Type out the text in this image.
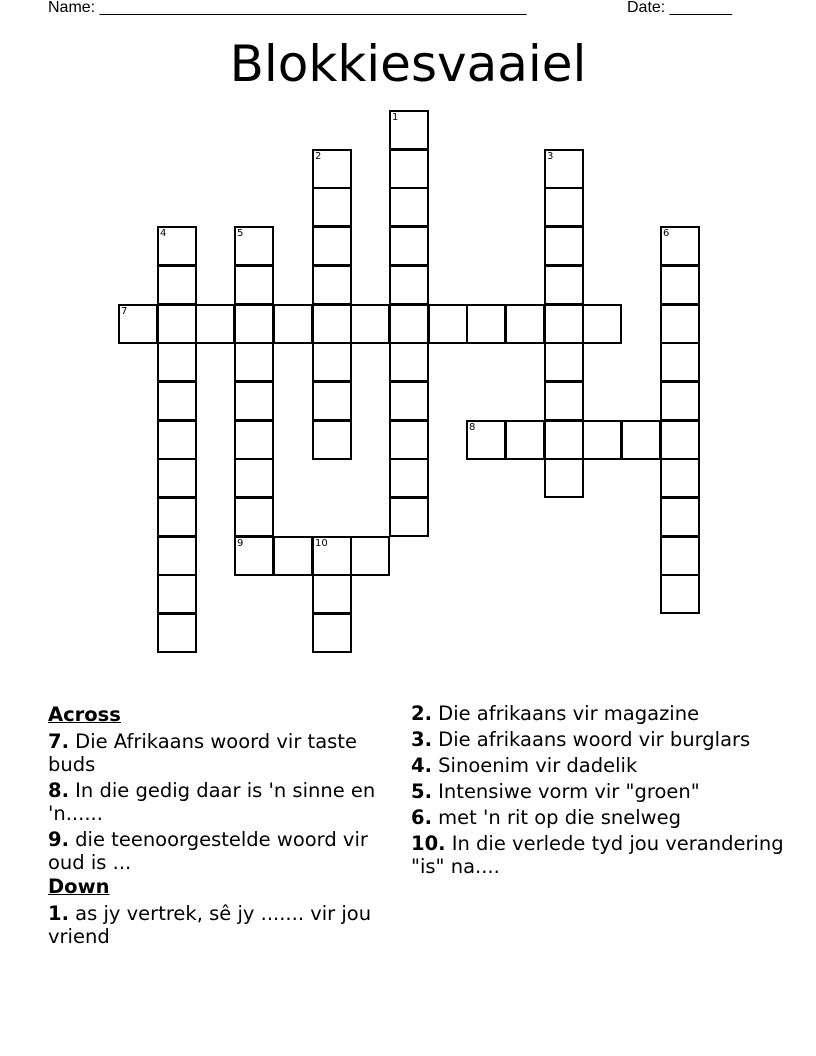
Name: ________________________________________________	Date: _______
Blokkiesvaaiel
1
2	3
4	5
9
6
7
8
10
Across
7. Die Afrikaans woord vir taste buds
8. In die gedig daar is 'n sinne en 'n......
9. die teenoorgestelde woord vir oud is ...
Down
1. as jy vertrek, sê jy ....... vir jou vriend
2. Die afrikaans vir magazine
3. Die afrikaans woord vir burglars
4. Sinoenim vir dadelik
5. Intensiwe vorm vir "groen"
6. met 'n rit op die snelweg
10. In die verlede tyd jou verandering "is" na....
